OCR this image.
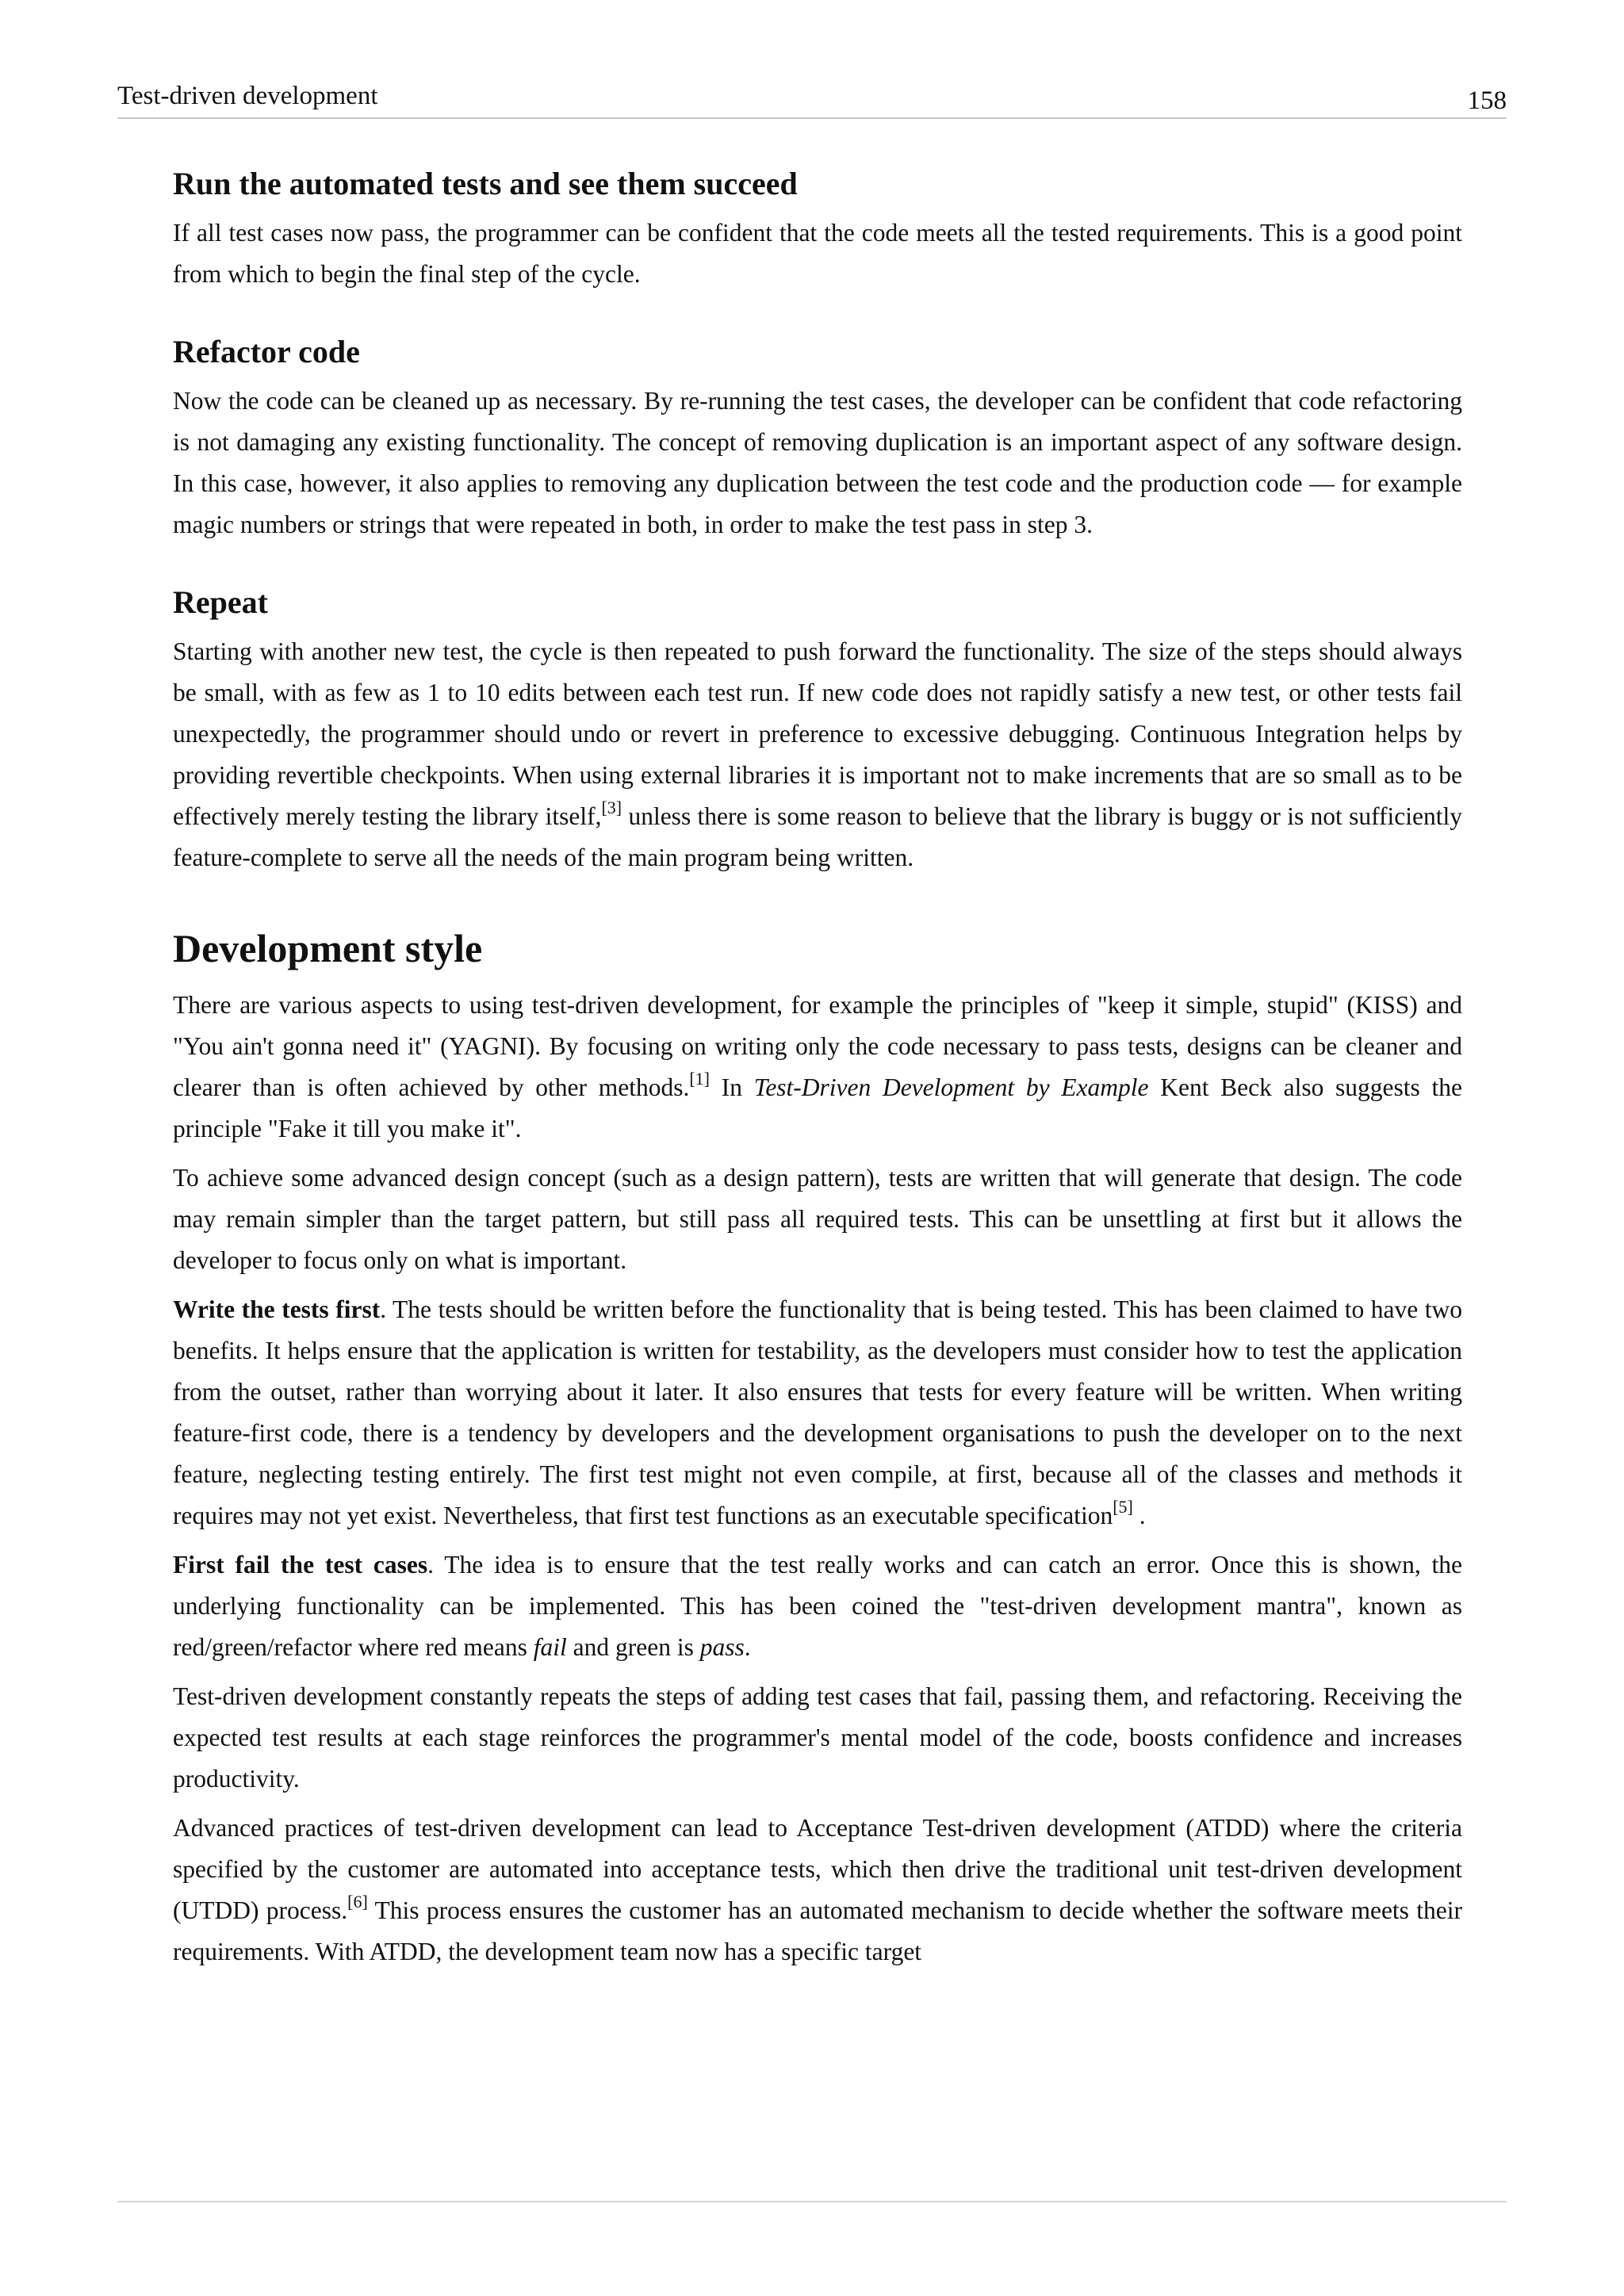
Test-driven development	158
Run the automated tests and see them succeed

If all test cases now pass, the programmer can be confident that the code meets all the tested requirements. This is a good point from which to begin the final step of the cycle.

Refactor code

Now the code can be cleaned up as necessary. By re-running the test cases, the developer can be confident that code refactoring is not damaging any existing functionality. The concept of removing duplication is an important aspect of any software design. In this case, however, it also applies to removing any duplication between the test code and the production code — for example magic numbers or strings that were repeated in both, in order to make the test pass in step 3.

Repeat

Starting with another new test, the cycle is then repeated to push forward the functionality. The size of the steps should always be small, with as few as 1 to 10 edits between each test run. If new code does not rapidly satisfy a new test, or other tests fail unexpectedly, the programmer should undo or revert in preference to excessive debugging. Continuous Integration helps by providing revertible checkpoints. When using external libraries it is important not to make increments that are so small as to be effectively merely testing the library itself,[3] unless there is some reason to believe that the library is buggy or is not sufficiently feature-complete to serve all the needs of the main program being written.

Development style

There are various aspects to using test-driven development, for example the principles of "keep it simple, stupid" (KISS) and "You ain't gonna need it" (YAGNI). By focusing on writing only the code necessary to pass tests, designs can be cleaner and clearer than is often achieved by other methods.[1] In Test-Driven Development by Example Kent Beck also suggests the principle "Fake it till you make it".

To achieve some advanced design concept (such as a design pattern), tests are written that will generate that design. The code may remain simpler than the target pattern, but still pass all required tests. This can be unsettling at first but it allows the developer to focus only on what is important.

Write the tests first. The tests should be written before the functionality that is being tested. This has been claimed to have two benefits. It helps ensure that the application is written for testability, as the developers must consider how to test the application from the outset, rather than worrying about it later. It also ensures that tests for every feature will be written. When writing feature-first code, there is a tendency by developers and the development organisations to push the developer on to the next feature, neglecting testing entirely. The first test might not even compile, at first, because all of the classes and methods it requires may not yet exist. Nevertheless, that first test functions as an executable specification[5] .

First fail the test cases. The idea is to ensure that the test really works and can catch an error. Once this is shown, the underlying functionality can be implemented. This has been coined the "test-driven development mantra", known as red/green/refactor where red means fail and green is pass.

Test-driven development constantly repeats the steps of adding test cases that fail, passing them, and refactoring. Receiving the expected test results at each stage reinforces the programmer's mental model of the code, boosts confidence and increases productivity.

Advanced practices of test-driven development can lead to Acceptance Test-driven development (ATDD) where the criteria specified by the customer are automated into acceptance tests, which then drive the traditional unit test-driven development (UTDD) process.[6] This process ensures the customer has an automated mechanism to decide whether the software meets their requirements. With ATDD, the development team now has a specific target
